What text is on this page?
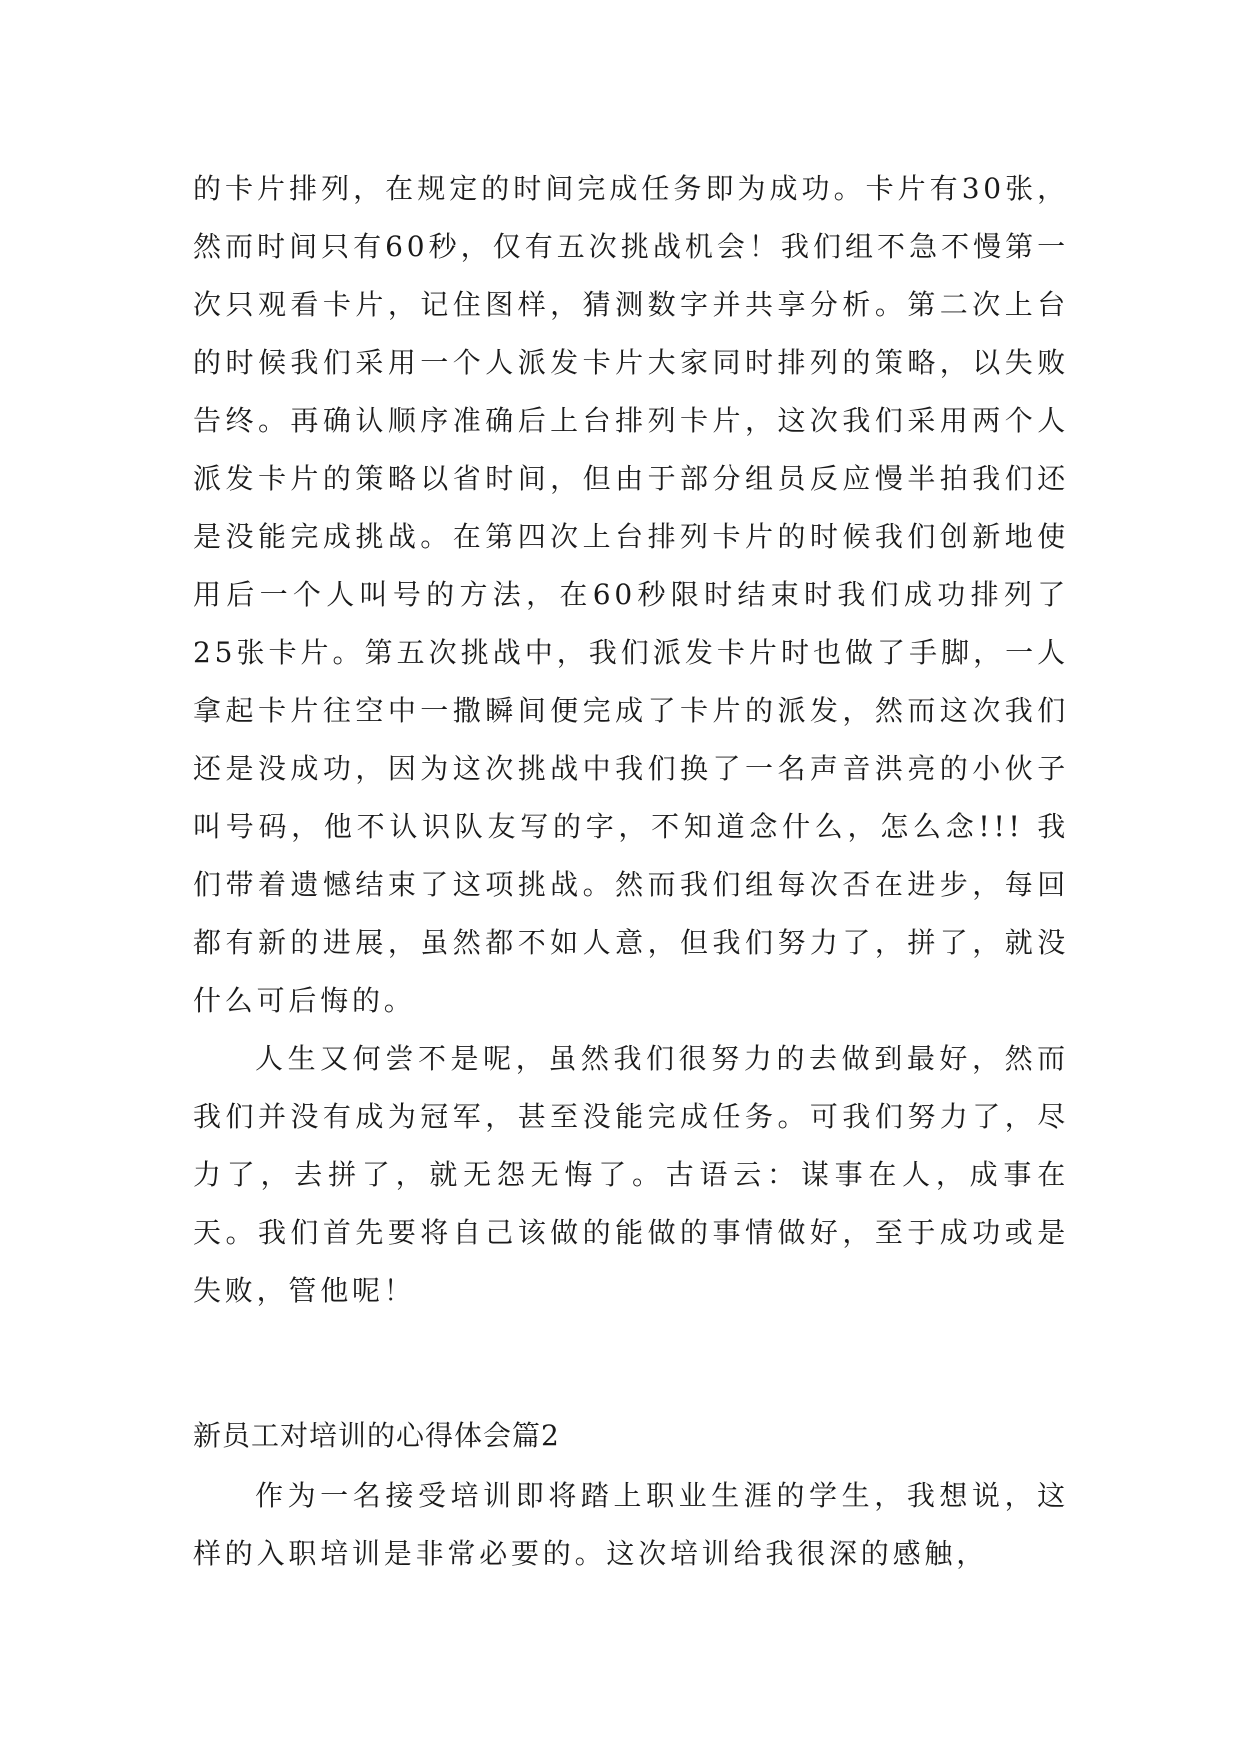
的卡片排列，在规定的时间完成任务即为成功。卡片有30张，然而时间只有60秒，仅有五次挑战机会！我们组不急不慢第一次只观看卡片，记住图样，猜测数字并共享分析。第二次上台的时候我们采用一个人派发卡片大家同时排列的策略，以失败告终。再确认顺序准确后上台排列卡片，这次我们采用两个人派发卡片的策略以省时间，但由于部分组员反应慢半拍我们还是没能完成挑战。在第四次上台排列卡片的时候我们创新地使用后一个人叫号的方法，在60秒限时结束时我们成功排列了25张卡片。第五次挑战中，我们派发卡片时也做了手脚，一人拿起卡片往空中一撒瞬间便完成了卡片的派发，然而这次我们还是没成功，因为这次挑战中我们换了一名声音洪亮的小伙子叫号码，他不认识队友写的字，不知道念什么，怎么念!!! 我们带着遗憾结束了这项挑战。然而我们组每次否在进步，每回都有新的进展，虽然都不如人意，但我们努力了，拼了，就没什么可后悔的。

人生又何尝不是呢，虽然我们很努力的去做到最好，然而我们并没有成为冠军，甚至没能完成任务。可我们努力了，尽力了，去拼了，就无怨无悔了。古语云：谋事在人，成事在天。我们首先要将自己该做的能做的事情做好，至于成功或是失败，管他呢！

新员工对培训的心得体会篇2

作为一名接受培训即将踏上职业生涯的学生，我想说，这样的入职培训是非常必要的。这次培训给我很深的感触，
